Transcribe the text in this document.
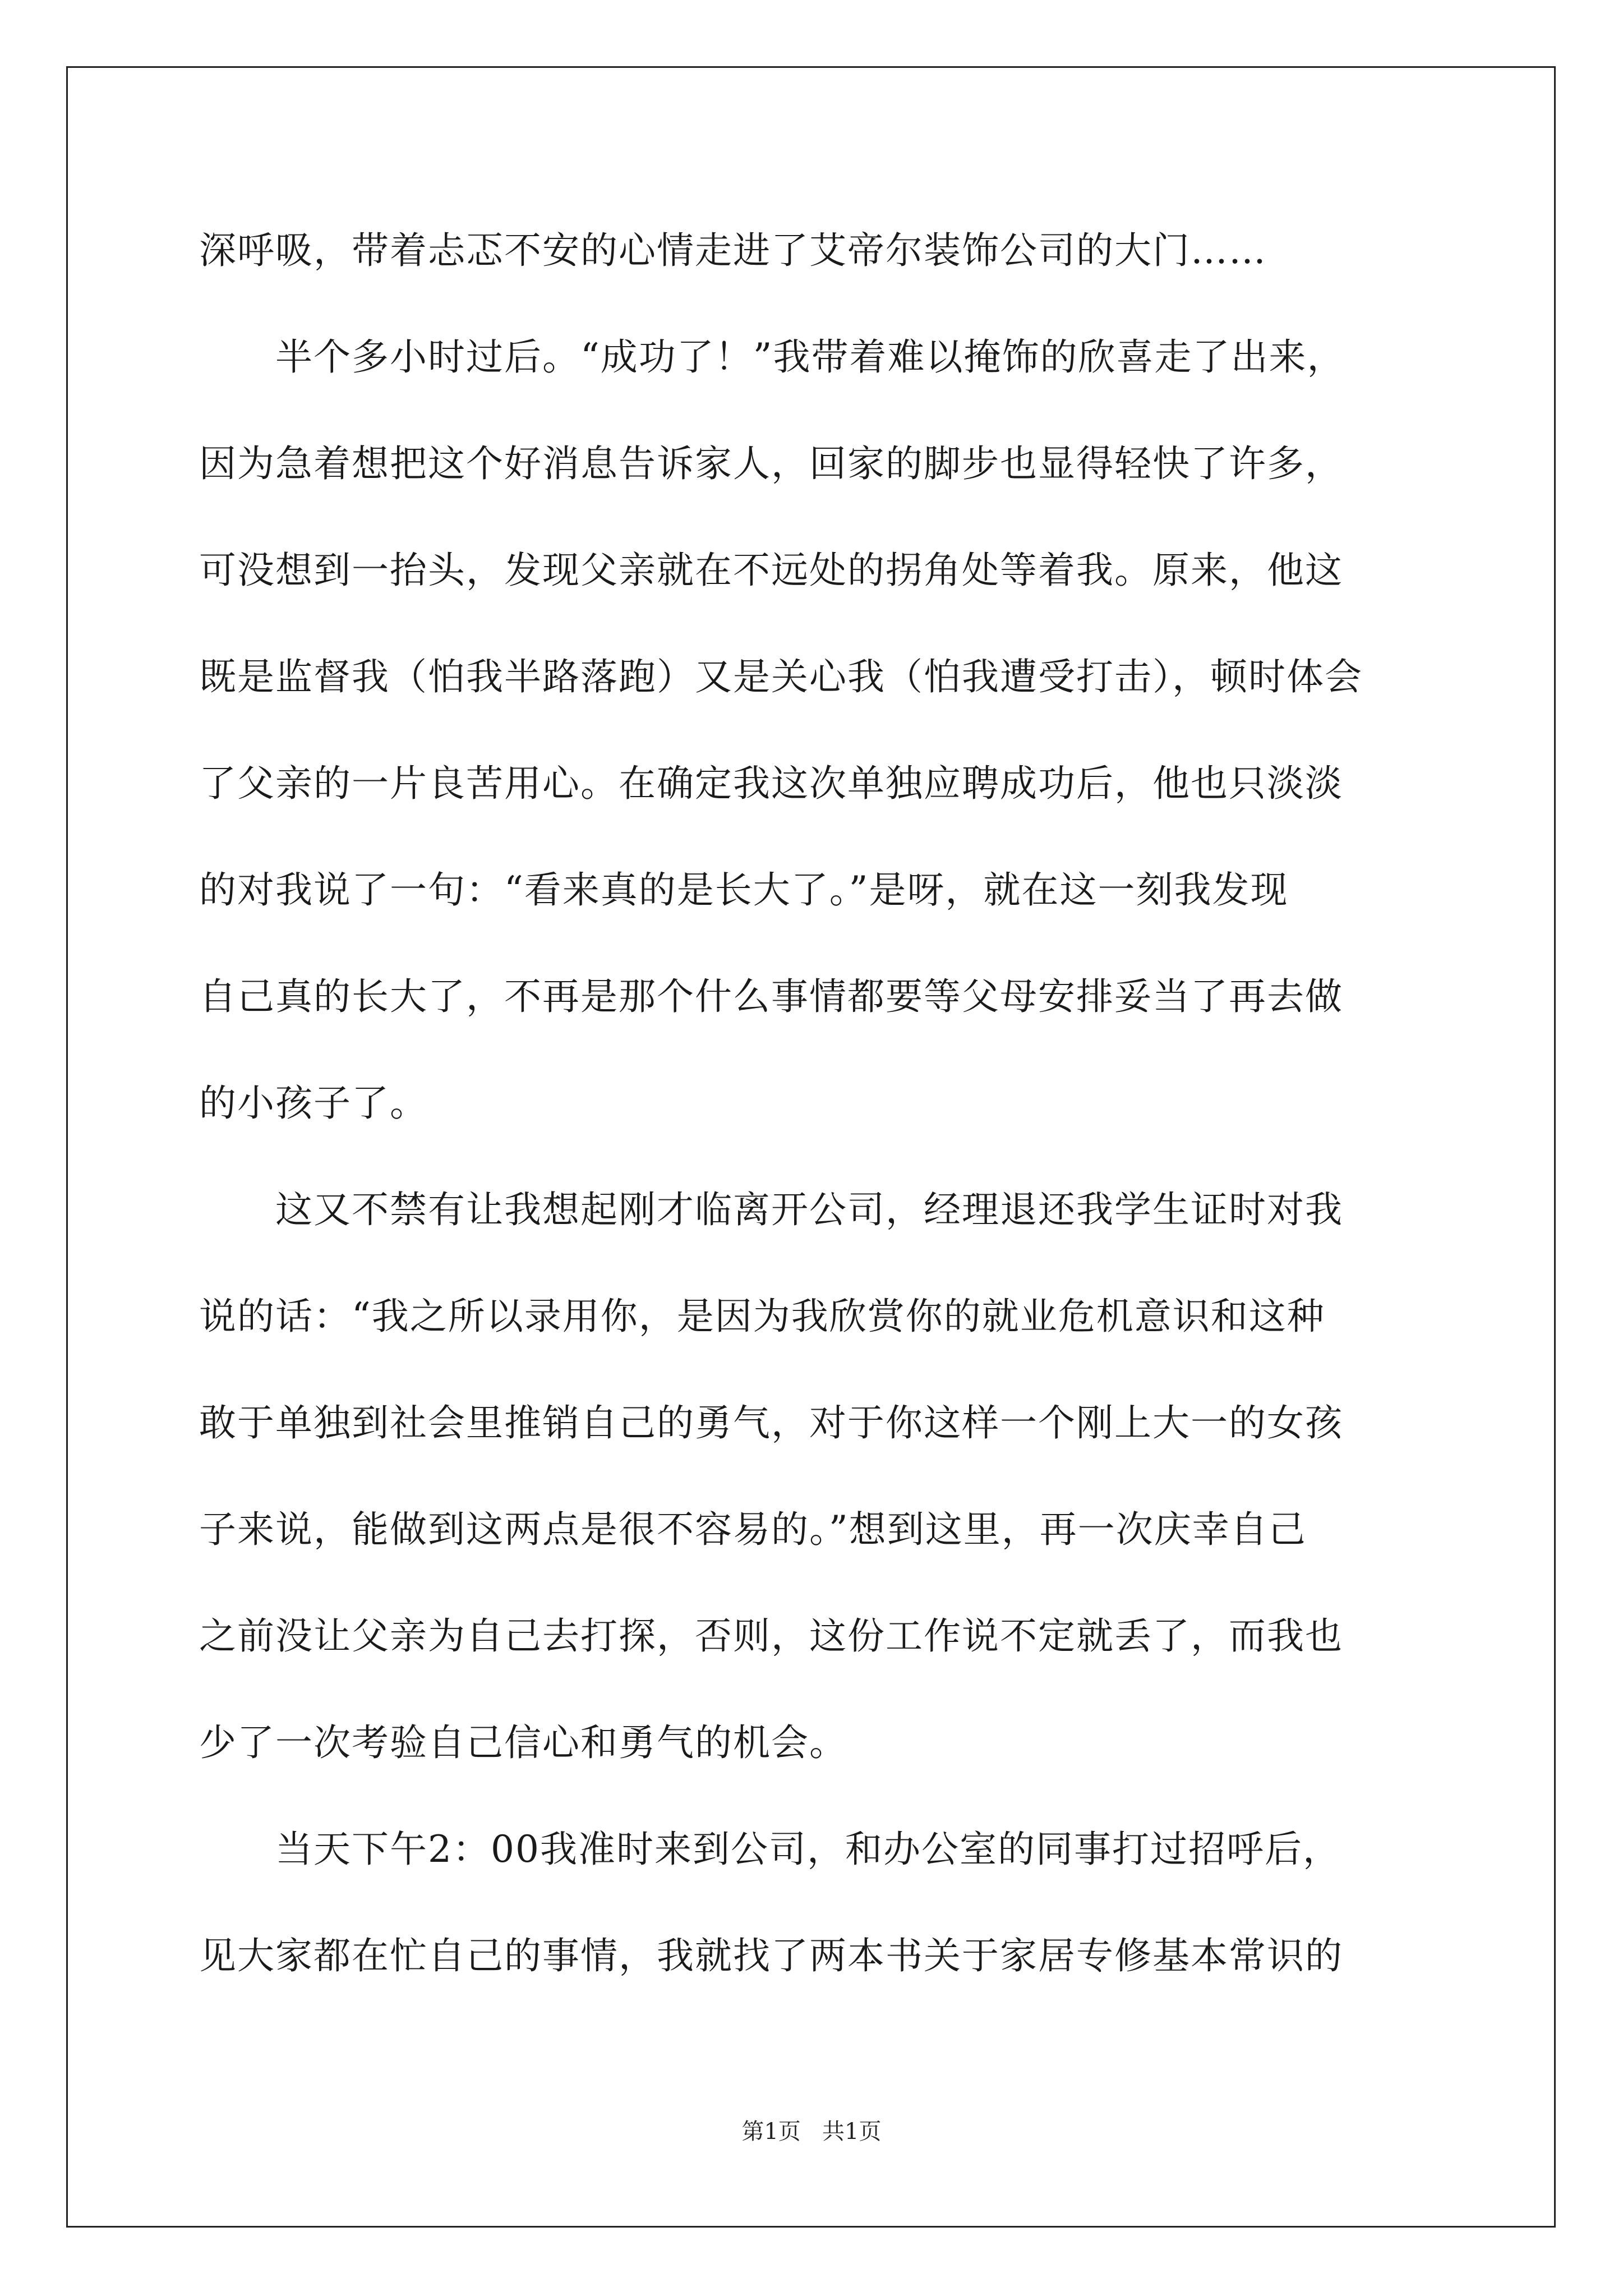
深呼吸，带着忐忑不安的心情走进了艾帝尔装饰公司的大门……
　　半个多小时过后。“成功了！”我带着难以掩饰的欣喜走了出来，
因为急着想把这个好消息告诉家人，回家的脚步也显得轻快了许多，
可没想到一抬头，发现父亲就在不远处的拐角处等着我。原来，他这
既是监督我（怕我半路落跑）又是关心我（怕我遭受打击），顿时体会
了父亲的一片良苦用心。在确定我这次单独应聘成功后，他也只淡淡
的对我说了一句：“看来真的是长大了。”是呀，就在这一刻我发现
自己真的长大了，不再是那个什么事情都要等父母安排妥当了再去做
的小孩子了。
　　这又不禁有让我想起刚才临离开公司，经理退还我学生证时对我
说的话：“我之所以录用你，是因为我欣赏你的就业危机意识和这种
敢于单独到社会里推销自己的勇气，对于你这样一个刚上大一的女孩
子来说，能做到这两点是很不容易的。”想到这里，再一次庆幸自己
之前没让父亲为自己去打探，否则，这份工作说不定就丢了，而我也
少了一次考验自己信心和勇气的机会。
　　当天下午2：00我准时来到公司，和办公室的同事打过招呼后，
见大家都在忙自己的事情，我就找了两本书关于家居专修基本常识的
第1页   共1页
